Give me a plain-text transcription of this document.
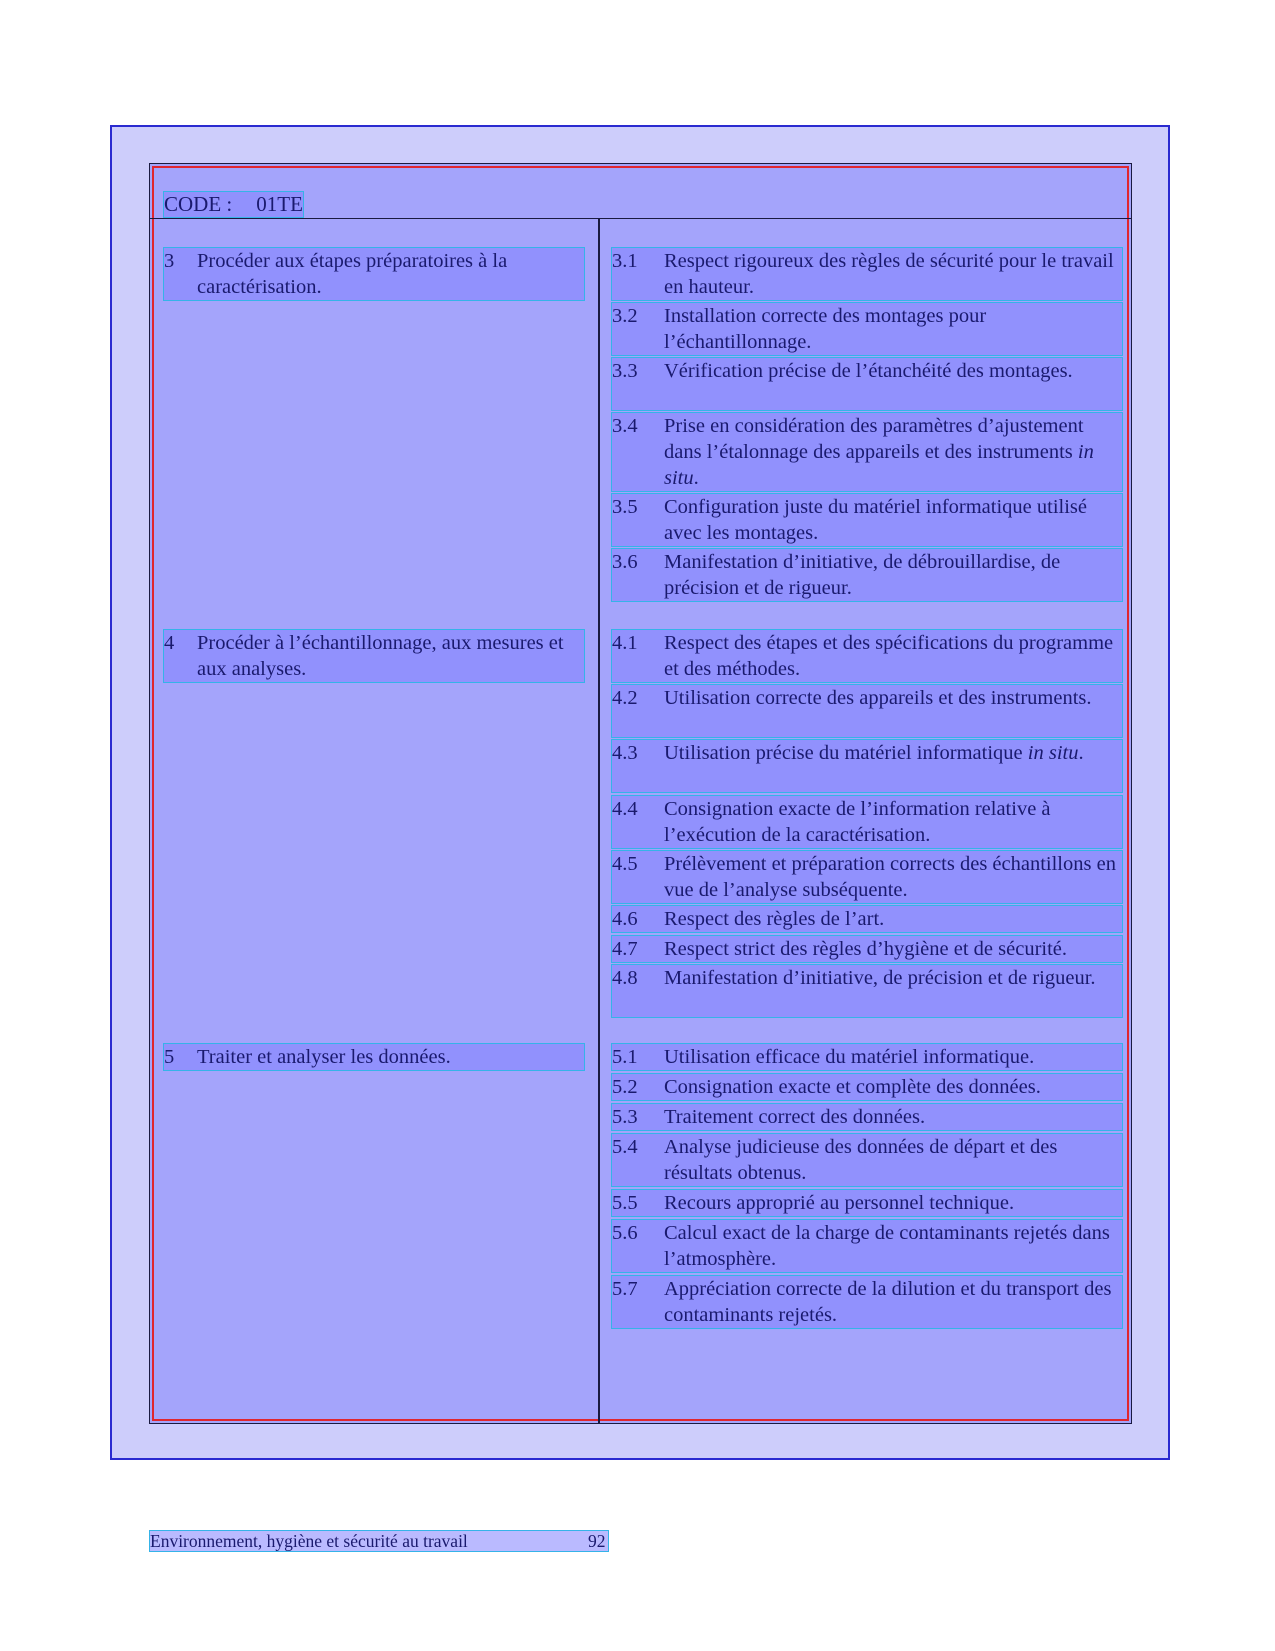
CODE : 01TE
3 Procéder aux étapes préparatoires à la caractérisation.
4 Procéder à l’échantillonnage, aux mesures et aux analyses.
5 Traiter et analyser les données.
3.1 Respect rigoureux des règles de sécurité pour le travail en hauteur.
3.2 Installation correcte des montages pour l’échantillonnage.
3.3 Vérification précise de l’étanchéité des montages.
3.4 Prise en considération des paramètres d’ajustement dans l’étalonnage des appareils et des instruments in situ.
3.5 Configuration juste du matériel informatique utilisé avec les montages.
3.6 Manifestation d’initiative, de débrouillardise, de précision et de rigueur.
4.1 Respect des étapes et des spécifications du programme et des méthodes.
4.2 Utilisation correcte des appareils et des instruments.
4.3 Utilisation précise du matériel informatique in situ.
4.4 Consignation exacte de l’information relative à l’exécution de la caractérisation.
4.5 Prélèvement et préparation corrects des échantillons en vue de l’analyse subséquente.
4.6 Respect des règles de l’art.
4.7 Respect strict des règles d’hygiène et de sécurité.
4.8 Manifestation d’initiative, de précision et de rigueur.
5.1 Utilisation efficace du matériel informatique.
5.2 Consignation exacte et complète des données.
5.3 Traitement correct des données.
5.4 Analyse judicieuse des données de départ et des résultats obtenus.
5.5 Recours approprié au personnel technique.
5.6 Calcul exact de la charge de contaminants rejetés dans l’atmosphère.
5.7 Appréciation correcte de la dilution et du transport des contaminants rejetés.
Environnement, hygiène et sécurité au travail	92
